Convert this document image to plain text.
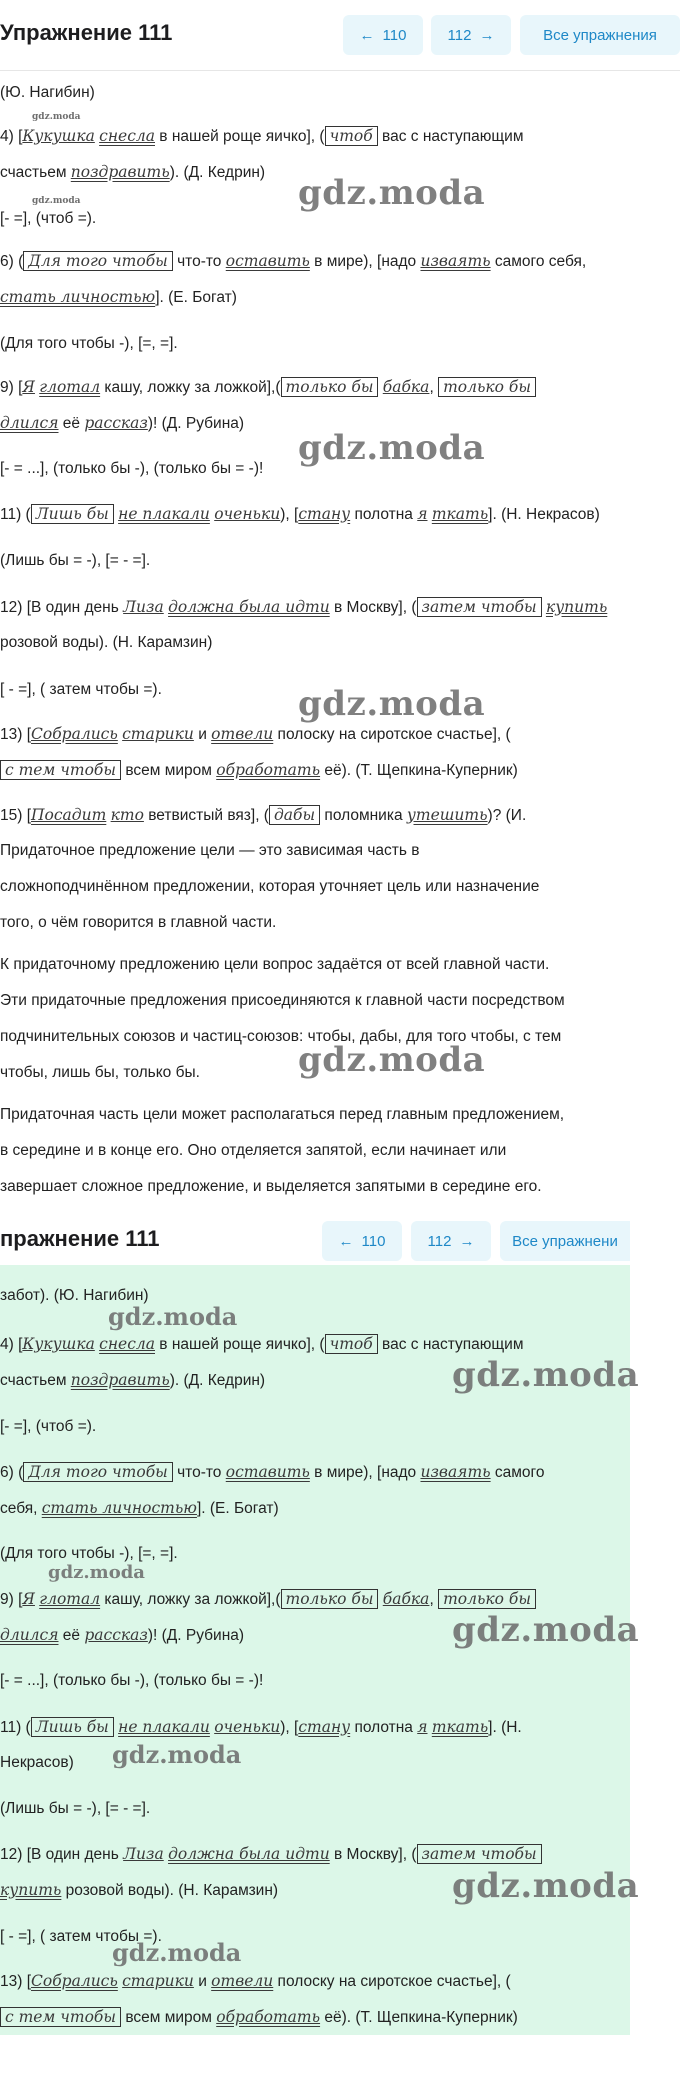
Упражнение 111	← 110	112 →	Все упражнения
(Ю. Нагибин)
gdz.moda
4) [Кукушка снесла в нашей роще яичко], ( чтоб вас с наступающим
счастьем поздравить). (Д. Кедрин)
gdz.moda	gdz.moda
[- =], (чтоб =).
6) ( Для того чтобы что-то оставить в мире), [надо изваять самого себя,
стать личностью]. (Е. Богат)
(Для того чтобы -), [=, =].
9) [Я глотал кашу, ложку за ложкой],( только бы бабка, только бы
длился её рассказ)! (Д. Рубина)
gdz.moda
[- = ...], (только бы -), (только бы = -)!
11) ( Лишь бы не плакали оченьки), [стану полотна я ткать]. (Н. Некрасов)
(Лишь бы = -), [= - =].
12) [В один день Лиза должна была идти в Москву], ( затем чтобы купить
розовой воды). (Н. Карамзин)
[ - =], ( затем чтобы =).	gdz.moda
13) [Собрались старики и отвели полоску на сиротское счастье], (
с тем чтобы всем миром обработать её). (Т. Щепкина-Куперник)
15) [Посадит кто ветвистый вяз], ( дабы поломника утешить)? (И.
Придаточное предложение цели — это зависимая часть в
сложноподчинённом предложении, которая уточняет цель или назначение
того, о чём говорится в главной части.
К придаточному предложению цели вопрос задаётся от всей главной части.
Эти придаточные предложения присоединяются к главной части посредством
подчинительных союзов и частиц-союзов: чтобы, дабы, для того чтобы, с тем
gdz.moda
чтобы, лишь бы, только бы.
Придаточная часть цели может располагаться перед главным предложением,
в середине и в конце его. Оно отделяется запятой, если начинает или
завершает сложное предложение, и выделяется запятыми в середине его.
пражнение 111	← 110	112 →	Все упражнени
забот). (Ю. Нагибин)
gdz.moda
4) [Кукушка снесла в нашей роще яичко], ( чтоб вас с наступающим
счастьем поздравить). (Д. Кедрин)	gdz.moda
[- =], (чтоб =).
6) ( Для того чтобы что-то оставить в мире), [надо изваять самого
себя, стать личностью]. (Е. Богат)
(Для того чтобы -), [=, =].
gdz.moda
9) [Я глотал кашу, ложку за ложкой],( только бы бабка, только бы
длился её рассказ)! (Д. Рубина)	gdz.moda
[- = ...], (только бы -), (только бы = -)!
11) ( Лишь бы не плакали оченьки), [стану полотна я ткать]. (Н.
Некрасов) gdz.moda
(Лишь бы = -), [= - =].
12) [В один день Лиза должна была идти в Москву], ( затем чтобы
купить розовой воды). (Н. Карамзин)	gdz.moda
[ - =], ( затем чтобы =).
gdz.moda
13) [Собрались старики и отвели полоску на сиротское счастье], (
с тем чтобы всем миром обработать её). (Т. Щепкина-Куперник)
